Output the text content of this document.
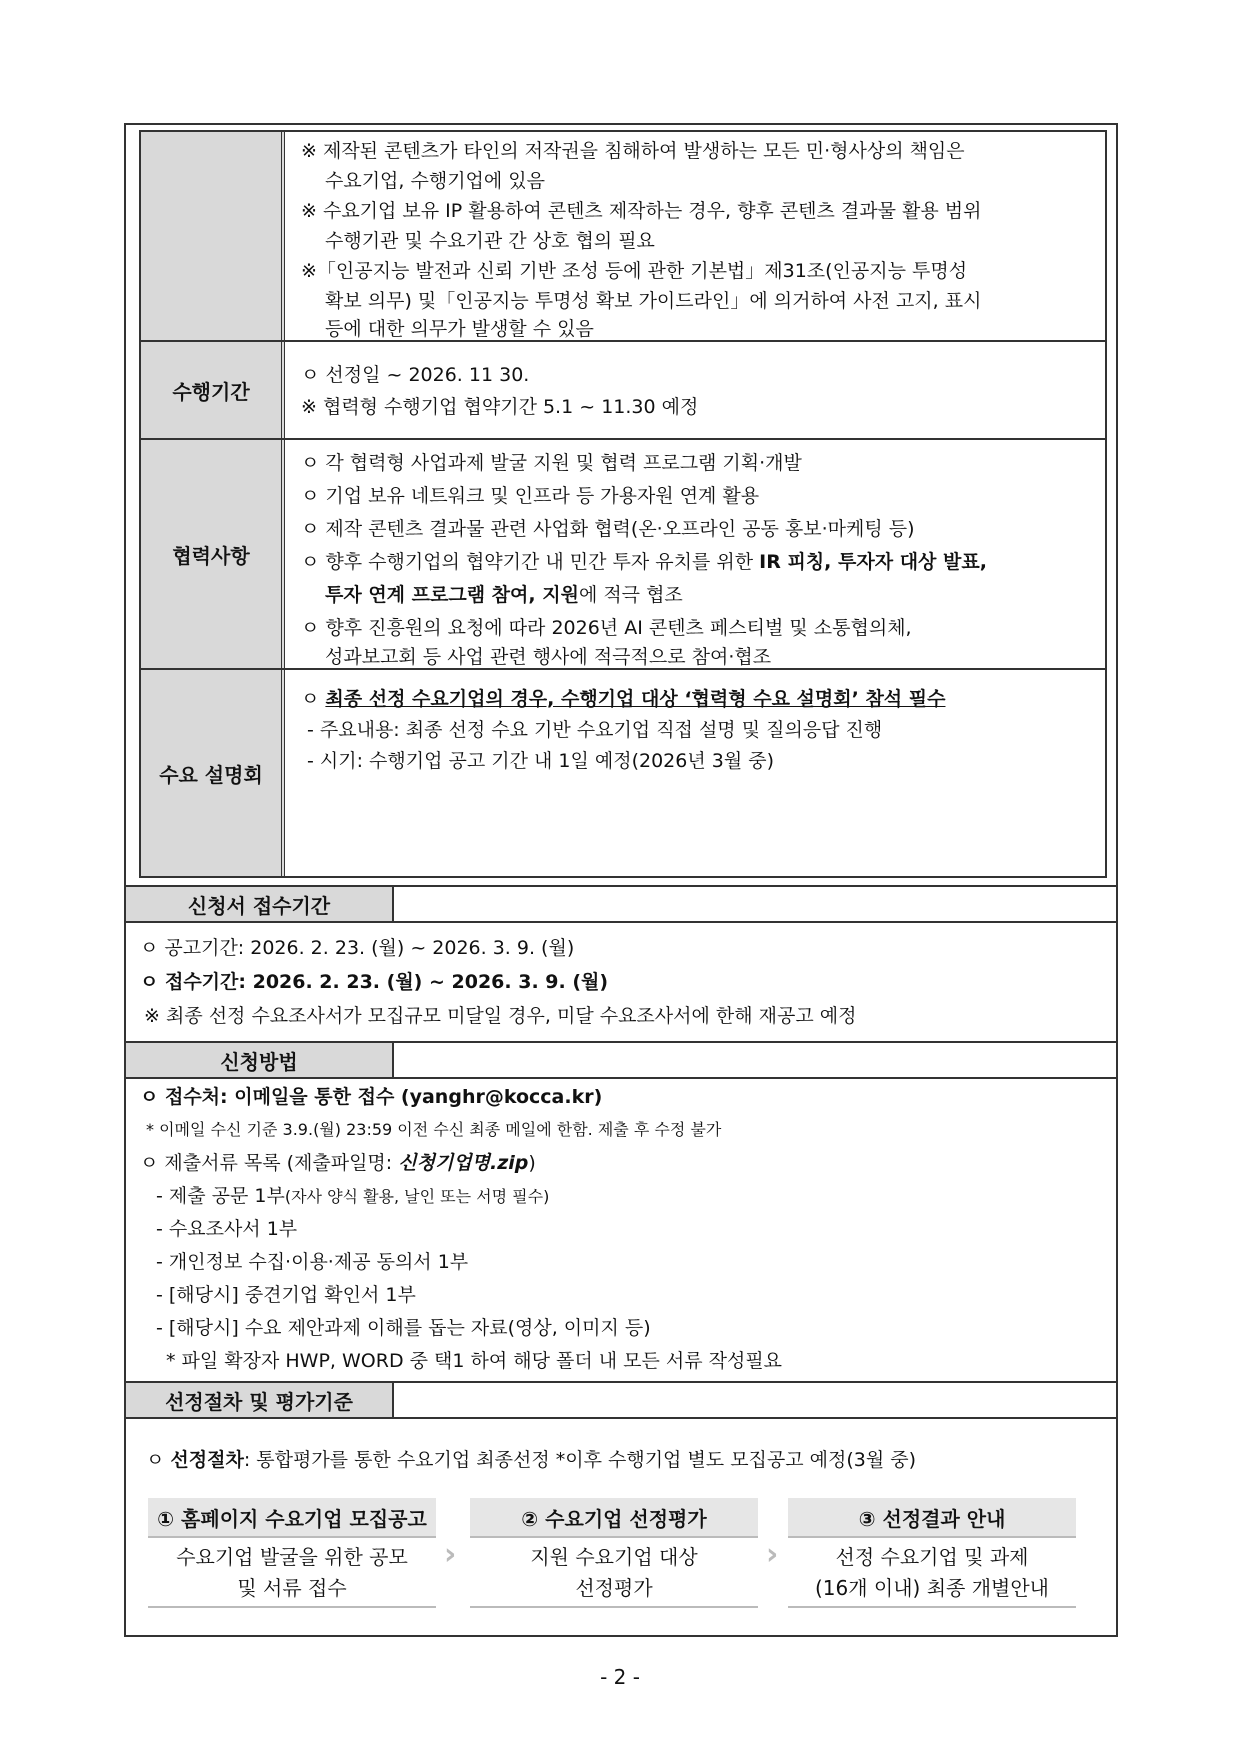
※ 제작된 콘텐츠가 타인의 저작권을 침해하여 발생하는 모든 민·형사상의 책임은
수요기업, 수행기업에 있음
※ 수요기업 보유 IP 활용하여 콘텐츠 제작하는 경우, 향후 콘텐츠 결과물 활용 범위
수행기관 및 수요기관 간 상호 협의 필요
※「인공지능 발전과 신뢰 기반 조성 등에 관한 기본법」제31조(인공지능 투명성
확보 의무) 및「인공지능 투명성 확보 가이드라인」에 의거하여 사전 고지, 표시
등에 대한 의무가 발생할 수 있음
수행기간
ㅇ 선정일 ~ 2026. 11 30.
※ 협력형 수행기업 협약기간 5.1 ~ 11.30 예정
협력사항
ㅇ 각 협력형 사업과제 발굴 지원 및 협력 프로그램 기획·개발
ㅇ 기업 보유 네트워크 및 인프라 등 가용자원 연계 활용
ㅇ 제작 콘텐츠 결과물 관련 사업화 협력(온·오프라인 공동 홍보·마케팅 등)
ㅇ 향후 수행기업의 협약기간 내 민간 투자 유치를 위한 IR 피칭, 투자자 대상 발표,
투자 연계 프로그램 참여, 지원에 적극 협조
ㅇ 향후 진흥원의 요청에 따라 2026년 AI 콘텐츠 페스티벌 및 소통협의체,
성과보고회 등 사업 관련 행사에 적극적으로 참여·협조
수요 설명회
ㅇ 최종 선정 수요기업의 경우, 수행기업 대상 ‘협력형 수요 설명회’ 참석 필수
- 주요내용: 최종 선정 수요 기반 수요기업 직접 설명 및 질의응답 진행
- 시기: 수행기업 공고 기간 내 1일 예정(2026년 3월 중)
신청서 접수기간
ㅇ 공고기간: 2026. 2. 23. (월) ~ 2026. 3. 9. (월)
ㅇ 접수기간: 2026. 2. 23. (월) ~ 2026. 3. 9. (월)
※ 최종 선정 수요조사서가 모집규모 미달일 경우, 미달 수요조사서에 한해 재공고 예정
신청방법
ㅇ 접수처: 이메일을 통한 접수 (yanghr@kocca.kr)
* 이메일 수신 기준 3.9.(월) 23:59 이전 수신 최종 메일에 한함. 제출 후 수정 불가
ㅇ 제출서류 목록 (제출파일명: 신청기업명.zip)
- 제출 공문 1부(자사 양식 활용, 날인 또는 서명 필수)
- 수요조사서 1부
- 개인정보 수집·이용·제공 동의서 1부
- [해당시] 중견기업 확인서 1부
- [해당시] 수요 제안과제 이해를 돕는 자료(영상, 이미지 등)
* 파일 확장자 HWP, WORD 중 택1 하여 해당 폴더 내 모든 서류 작성필요
선정절차 및 평가기준
ㅇ 선정절차: 통합평가를 통한 수요기업 최종선정 *이후 수행기업 별도 모집공고 예정(3월 중)
① 홈페이지 수요기업 모집공고
수요기업 발굴을 위한 공모
및 서류 접수
›
② 수요기업 선정평가
지원 수요기업 대상
선정평가
›
③ 선정결과 안내
선정 수요기업 및 과제
(16개 이내) 최종 개별안내
- 2 -
